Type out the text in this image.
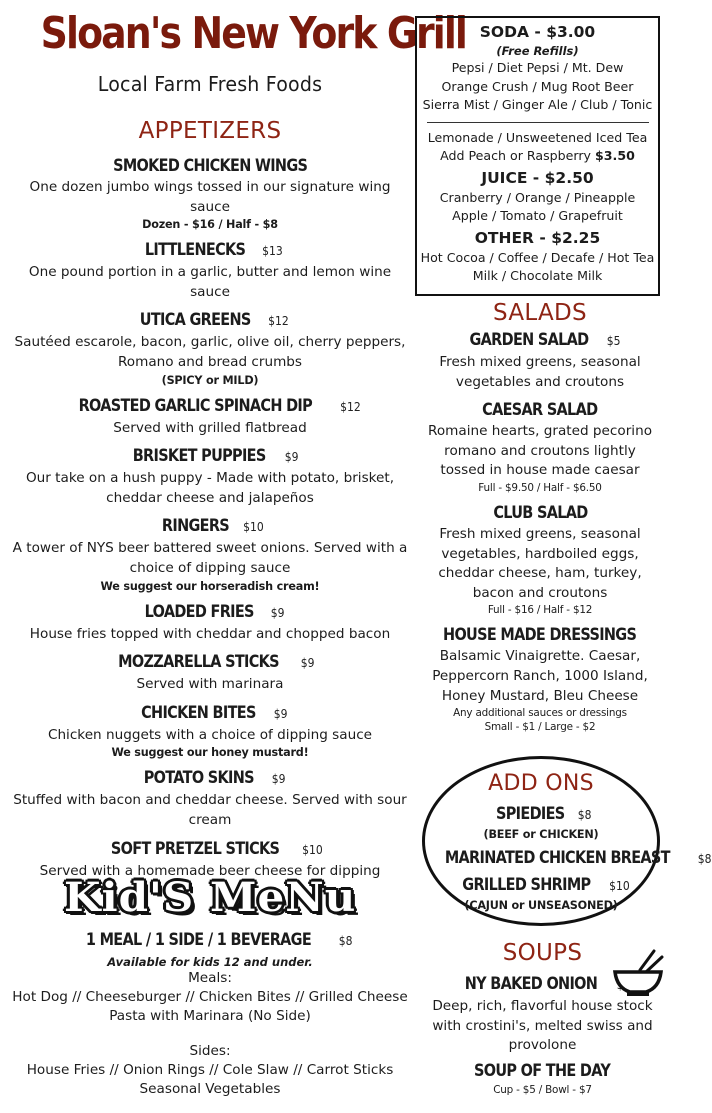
Sloan's New York Grill
Local Farm Fresh Foods
APPETIZERS
SMOKED CHICKEN WINGS

One dozen jumbo wings tossed in our signature wing sauce

Dozen - $16 / Half - $8

LITTLENECKS $13

One pound portion in a garlic, butter and lemon wine sauce

UTICA GREENS $12

Sautéed escarole, bacon, garlic, olive oil, cherry peppers, Romano and bread crumbs

(SPICY or MILD)

ROASTED GARLIC SPINACH DIP $12

Served with grilled flatbread

BRISKET PUPPIES $9

Our take on a hush puppy - Made with potato, brisket, cheddar cheese and jalapeños

RINGERS $10

A tower of NYS beer battered sweet onions. Served with a choice of dipping sauce

We suggest our horseradish cream!

LOADED FRIES $9

House fries topped with cheddar and chopped bacon

MOZZARELLA STICKS $9

Served with marinara

CHICKEN BITES $9

Chicken nuggets with a choice of dipping sauce

We suggest our honey mustard!

POTATO SKINS $9

Stuffed with bacon and cheddar cheese. Served with sour cream

SOFT PRETZEL STICKS $10

Served with a homemade beer cheese for dipping

Kid'S MeNu
1 MEAL / 1 SIDE / 1 BEVERAGE $8

Available for kids 12 and under.

Meals:

Hot Dog // Cheeseburger // Chicken Bites // Grilled Cheese

Pasta with Marinara (No Side)

Sides:

House Fries // Onion Rings // Cole Slaw // Carrot Sticks

Seasonal Vegetables

SODA - $3.00

(Free Refills)

Pepsi / Diet Pepsi / Mt. Dew

Orange Crush / Mug Root Beer

Sierra Mist / Ginger Ale / Club / Tonic

Lemonade / Unsweetened Iced Tea

Add Peach or Raspberry $3.50

JUICE - $2.50

Cranberry / Orange / Pineapple

Apple / Tomato / Grapefruit

OTHER - $2.25

Hot Cocoa / Coffee / Decafe / Hot Tea

Milk / Chocolate Milk

SALADS
GARDEN SALAD $5

Fresh mixed greens, seasonal vegetables and croutons

CAESAR SALAD

Romaine hearts, grated pecorino romano and croutons lightly tossed in house made caesar

Full - $9.50 / Half - $6.50

CLUB SALAD

Fresh mixed greens, seasonal vegetables, hardboiled eggs, cheddar cheese, ham, turkey, bacon and croutons

Full - $16 / Half - $12

HOUSE MADE DRESSINGS

Balsamic Vinaigrette. Caesar, Peppercorn Ranch, 1000 Island, Honey Mustard, Bleu Cheese

Any additional sauces or dressings

Small - $1 / Large - $2

ADD ONS
SPIEDIES $8

(BEEF or CHICKEN)

MARINATED CHICKEN BREAST $8
GRILLED SHRIMP $10

(CAJUN or UNSEASONED)

SOUPS
NY BAKED ONION

Deep, rich, flavorful house stock with crostini's, melted swiss and provolone

SOUP OF THE DAY

Cup - $5 / Bowl - $7
